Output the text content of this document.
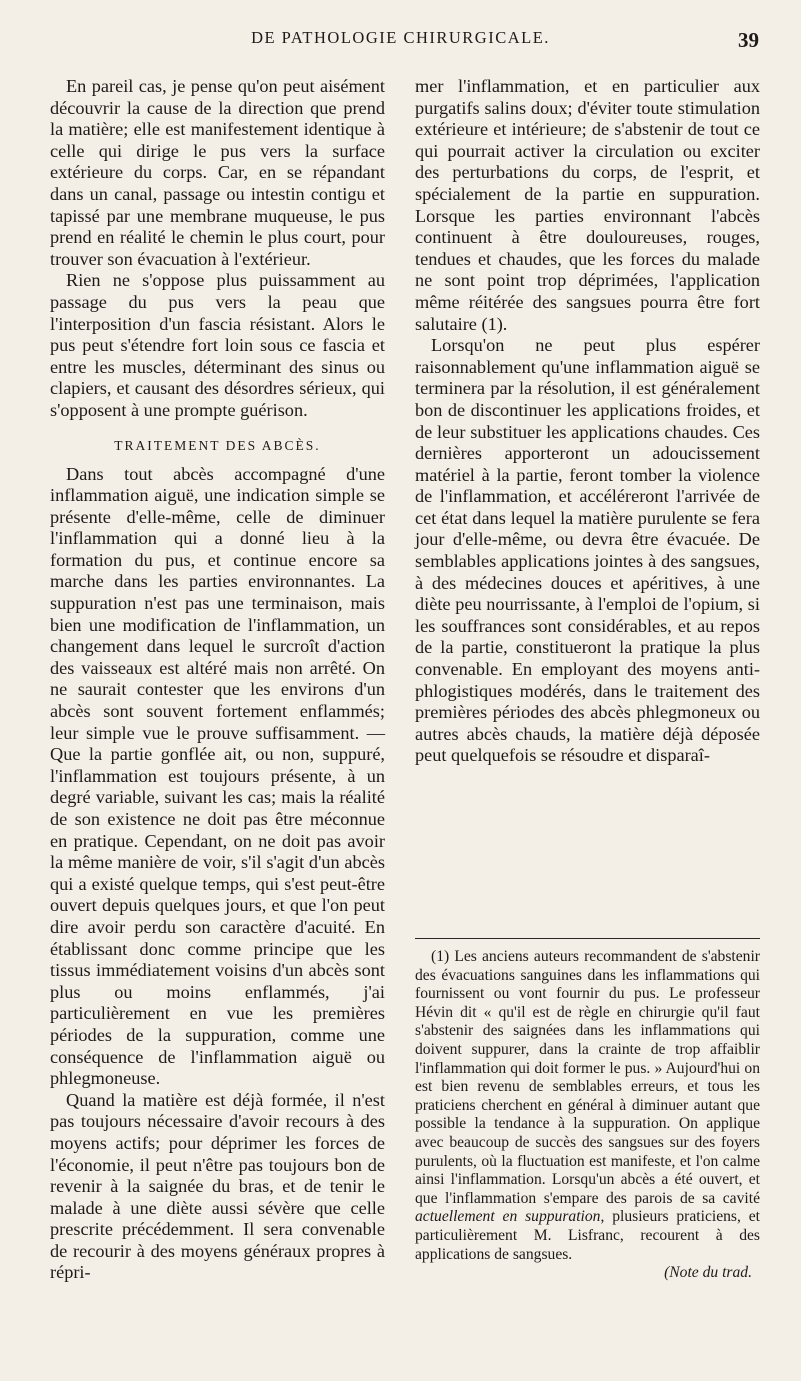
DE PATHOLOGIE CHIRURGICALE.	39

En pareil cas, je pense qu'on peut aisément découvrir la cause de la direction que prend la matière; elle est manifestement identique à celle qui dirige le pus vers la surface extérieure du corps. Car, en se répandant dans un canal, passage ou intestin contigu et tapissé par une membrane muqueuse, le pus prend en réalité le chemin le plus court, pour trouver son évacuation à l'extérieur.

Rien ne s'oppose plus puissamment au passage du pus vers la peau que l'interposition d'un fascia résistant. Alors le pus peut s'étendre fort loin sous ce fascia et entre les muscles, déterminant des sinus ou clapiers, et causant des désordres sérieux, qui s'opposent à une prompte guérison.

TRAITEMENT DES ABCÈS.

Dans tout abcès accompagné d'une inflammation aiguë, une indication simple se présente d'elle-même, celle de diminuer l'inflammation qui a donné lieu à la formation du pus, et continue encore sa marche dans les parties environnantes. La suppuration n'est pas une terminaison, mais bien une modification de l'inflammation, un changement dans lequel le surcroît d'action des vaisseaux est altéré mais non arrêté. On ne saurait contester que les environs d'un abcès sont souvent fortement enflammés; leur simple vue le prouve suffisamment. — Que la partie gonflée ait, ou non, suppuré, l'inflammation est toujours présente, à un degré variable, suivant les cas; mais la réalité de son existence ne doit pas être méconnue en pratique. Cependant, on ne doit pas avoir la même manière de voir, s'il s'agit d'un abcès qui a existé quelque temps, qui s'est peut-être ouvert depuis quelques jours, et que l'on peut dire avoir perdu son caractère d'acuité. En établissant donc comme principe que les tissus immédiatement voisins d'un abcès sont plus ou moins enflammés, j'ai particulièrement en vue les premières périodes de la suppuration, comme une conséquence de l'inflammation aiguë ou phlegmoneuse.

Quand la matière est déjà formée, il n'est pas toujours nécessaire d'avoir recours à des moyens actifs; pour déprimer les forces de l'économie, il peut n'être pas toujours bon de revenir à la saignée du bras, et de tenir le malade à une diète aussi sévère que celle prescrite précédemment. Il sera convenable de recourir à des moyens généraux propres à répri-

mer l'inflammation, et en particulier aux purgatifs salins doux; d'éviter toute stimulation extérieure et intérieure; de s'abstenir de tout ce qui pourrait activer la circulation ou exciter des perturbations du corps, de l'esprit, et spécialement de la partie en suppuration. Lorsque les parties environnant l'abcès continuent à être douloureuses, rouges, tendues et chaudes, que les forces du malade ne sont point trop déprimées, l'application même réitérée des sangsues pourra être fort salutaire (1).

Lorsqu'on ne peut plus espérer raisonnablement qu'une inflammation aiguë se terminera par la résolution, il est généralement bon de discontinuer les applications froides, et de leur substituer les applications chaudes. Ces dernières apporteront un adoucissement matériel à la partie, feront tomber la violence de l'inflammation, et accéléreront l'arrivée de cet état dans lequel la matière purulente se fera jour d'elle-même, ou devra être évacuée. De semblables applications jointes à des sangsues, à des médecines douces et apéritives, à une diète peu nourrissante, à l'emploi de l'opium, si les souffrances sont considérables, et au repos de la partie, constitueront la pratique la plus convenable. En employant des moyens anti-phlogistiques modérés, dans le traitement des premières périodes des abcès phlegmoneux ou autres abcès chauds, la matière déjà déposée peut quelquefois se résoudre et disparaî-

(1) Les anciens auteurs recommandent de s'abstenir des évacuations sanguines dans les inflammations qui fournissent ou vont fournir du pus. Le professeur Hévin dit « qu'il est de règle en chirurgie qu'il faut s'abstenir des saignées dans les inflammations qui doivent suppurer, dans la crainte de trop affaiblir l'inflammation qui doit former le pus. » Aujourd'hui on est bien revenu de semblables erreurs, et tous les praticiens cherchent en général à diminuer autant que possible la tendance à la suppuration. On applique avec beaucoup de succès des sangsues sur des foyers purulents, où la fluctuation est manifeste, et l'on calme ainsi l'inflammation. Lorsqu'un abcès a été ouvert, et que l'inflammation s'empare des parois de sa cavité actuellement en suppuration, plusieurs praticiens, et particulièrement M. Lisfranc, recourent à des applications de sangsues.

(Note du trad.
